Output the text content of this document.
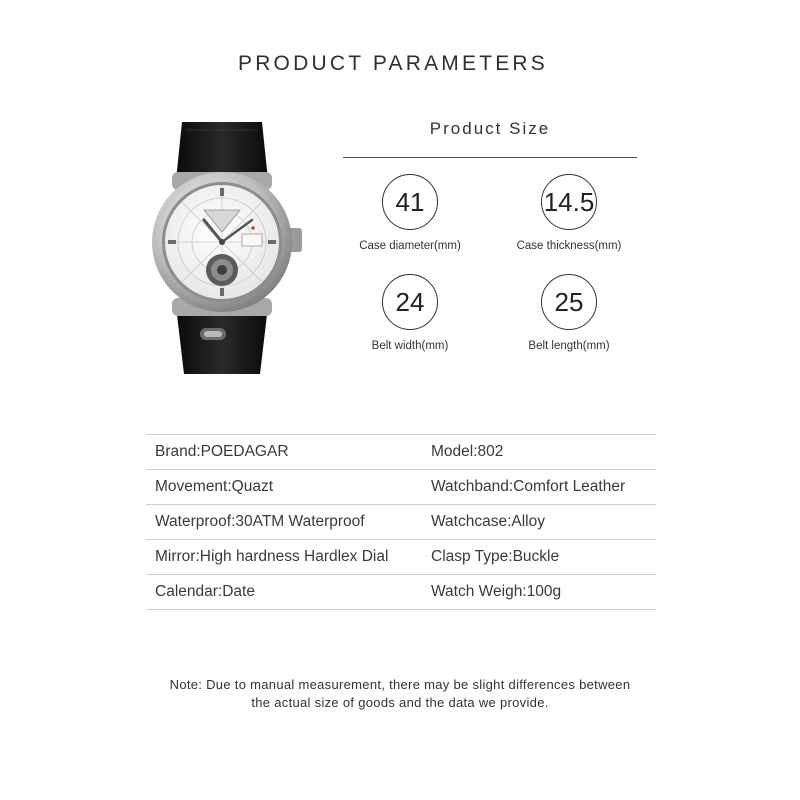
PRODUCT PARAMETERS
Product Size
41
Case diameter(mm)
14.5
Case thickness(mm)
24
Belt width(mm)
25
Belt length(mm)
Brand:POEDAGAR	Model:802
Movement:Quazt	Watchband:Comfort Leather
Waterproof:30ATM Waterproof	Watchcase:Alloy
Mirror:High hardness Hardlex Dial	Clasp Type:Buckle
Calendar:Date	Watch Weigh:100g
Note: Due to manual measurement, there may be slight differences between
the actual size of goods and the data we provide.
